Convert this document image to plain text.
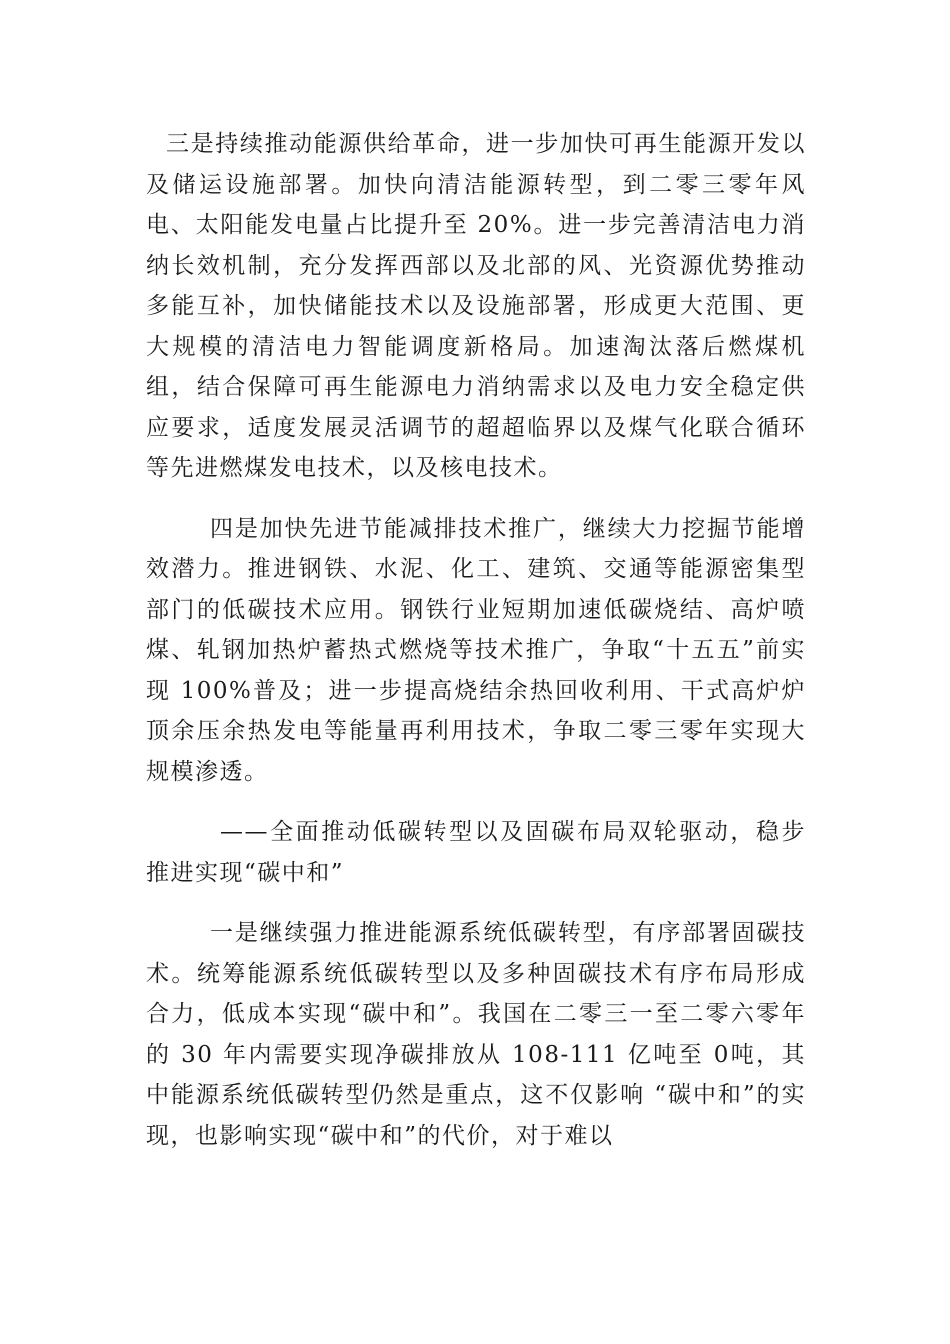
三是持续推动能源供给革命，进一步加快可再生能源开发以及储运设施部署。加快向清洁能源转型，到二零三零年风电、太阳能发电量占比提升至 20%。进一步完善清洁电力消纳长效机制，充分发挥西部以及北部的风、光资源优势推动多能互补，加快储能技术以及设施部署，形成更大范围、更大规模的清洁电力智能调度新格局。加速淘汰落后燃煤机组，结合保障可再生能源电力消纳需求以及电力安全稳定供应要求，适度发展灵活调节的超超临界以及煤气化联合循环等先进燃煤发电技术，以及核电技术。

四是加快先进节能减排技术推广，继续大力挖掘节能增效潜力。推进钢铁、水泥、化工、建筑、交通等能源密集型部门的低碳技术应用。钢铁行业短期加速低碳烧结、高炉喷煤、轧钢加热炉蓄热式燃烧等技术推广，争取“十五五”前实现 100%普及；进一步提高烧结余热回收利用、干式高炉炉顶余压余热发电等能量再利用技术，争取二零三零年实现大规模渗透。

——全面推动低碳转型以及固碳布局双轮驱动，稳步推进实现“碳中和”

一是继续强力推进能源系统低碳转型，有序部署固碳技术。统筹能源系统低碳转型以及多种固碳技术有序布局形成合力，低成本实现“碳中和”。我国在二零三一至二零六零年的 30 年内需要实现净碳排放从 108-111 亿吨至 0吨，其中能源系统低碳转型仍然是重点，这不仅影响 “碳中和”的实现，也影响实现“碳中和”的代价，对于难以
